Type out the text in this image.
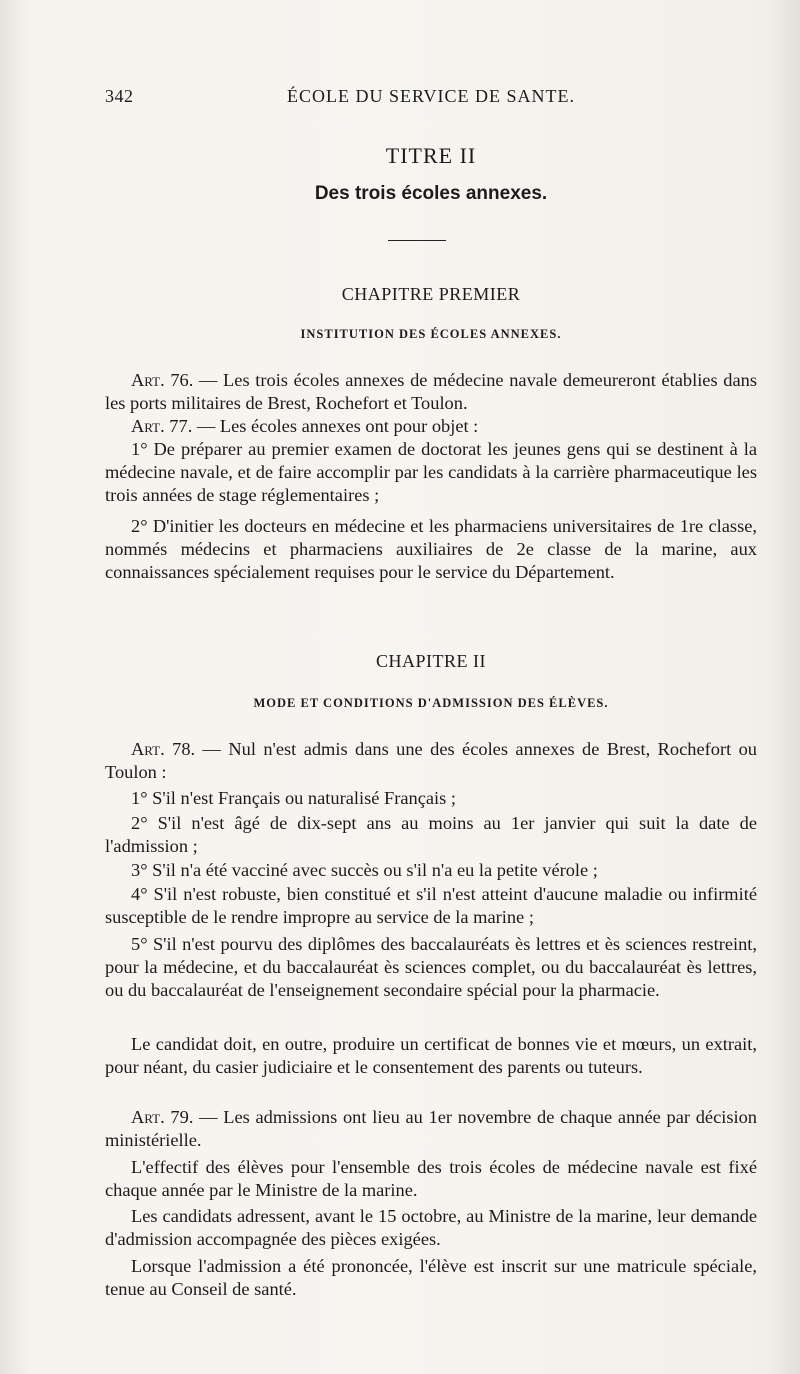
342	ÉCOLE DU SERVICE DE SANTE.
TITRE II
Des trois écoles annexes.
CHAPITRE PREMIER
INSTITUTION DES ÉCOLES ANNEXES.
Art. 76. — Les trois écoles annexes de médecine navale demeureront établies dans les ports militaires de Brest, Rochefort et Toulon.
Art. 77. — Les écoles annexes ont pour objet :
1° De préparer au premier examen de doctorat les jeunes gens qui se destinent à la médecine navale, et de faire accomplir par les candidats à la carrière pharmaceutique les trois années de stage réglementaires ;
2° D'initier les docteurs en médecine et les pharmaciens universitaires de 1re classe, nommés médecins et pharmaciens auxiliaires de 2e classe de la marine, aux connaissances spécialement requises pour le service du Département.
CHAPITRE II
MODE ET CONDITIONS D'ADMISSION DES ÉLÈVES.
Art. 78. — Nul n'est admis dans une des écoles annexes de Brest, Rochefort ou Toulon :
1° S'il n'est Français ou naturalisé Français ;
2° S'il n'est âgé de dix-sept ans au moins au 1er janvier qui suit la date de l'admission ;
3° S'il n'a été vacciné avec succès ou s'il n'a eu la petite vérole ;
4° S'il n'est robuste, bien constitué et s'il n'est atteint d'aucune maladie ou infirmité susceptible de le rendre impropre au service de la marine ;
5° S'il n'est pourvu des diplômes des baccalauréats ès lettres et ès sciences restreint, pour la médecine, et du baccalauréat ès sciences complet, ou du baccalauréat ès lettres, ou du baccalauréat de l'enseignement secondaire spécial pour la pharmacie.
Le candidat doit, en outre, produire un certificat de bonnes vie et mœurs, un extrait, pour néant, du casier judiciaire et le consentement des parents ou tuteurs.
Art. 79. — Les admissions ont lieu au 1er novembre de chaque année par décision ministérielle.
L'effectif des élèves pour l'ensemble des trois écoles de médecine navale est fixé chaque année par le Ministre de la marine.
Les candidats adressent, avant le 15 octobre, au Ministre de la marine, leur demande d'admission accompagnée des pièces exigées.
Lorsque l'admission a été prononcée, l'élève est inscrit sur une matricule spéciale, tenue au Conseil de santé.
